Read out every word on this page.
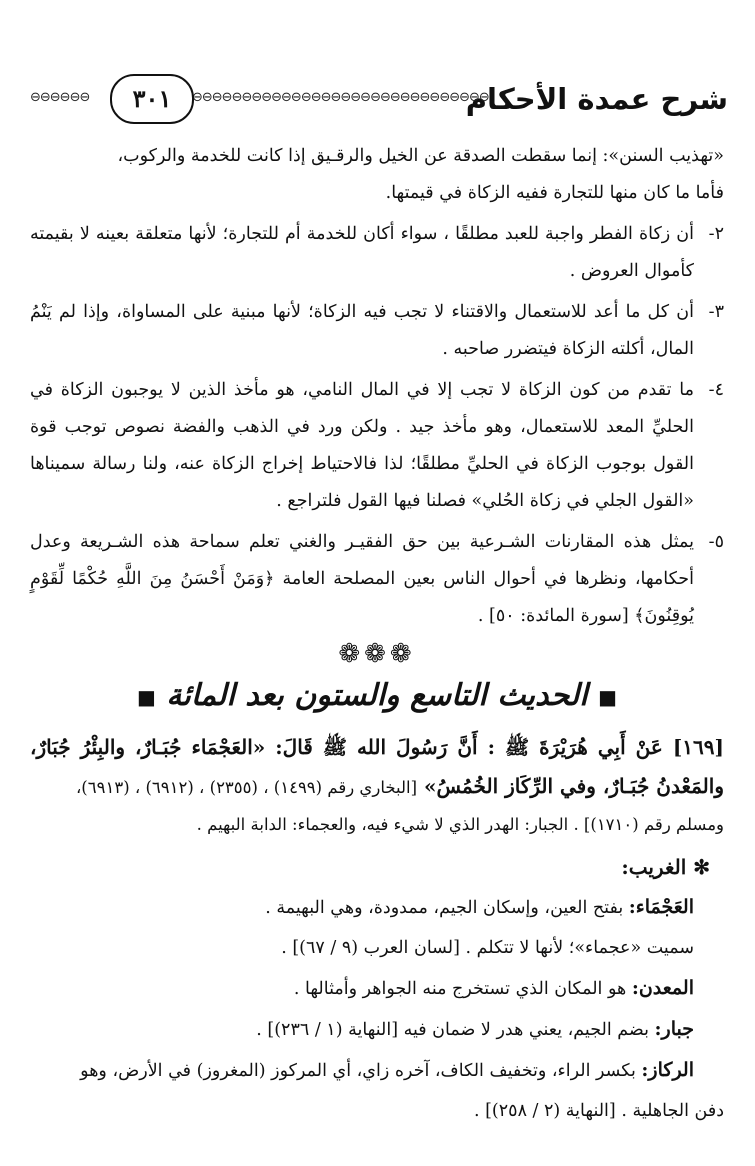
شرح عمدة الأحكام
⊖⊖⊖⊖⊖⊖⊖⊖⊖⊖⊖⊖⊖⊖⊖⊖⊖⊖⊖⊖⊖⊖⊖⊖⊖⊖⊖⊖⊖⊖
٣٠١
⊖⊖⊖⊖⊖⊖
«تهذيب السنن»: إنما سقطت الصدقة عن الخيل والرقـيق إذا كانت للخدمة والركوب،
فأما ما كان منها للتجارة ففيه الزكاة في قيمتها.
٢-
أن زكاة الفطر واجبة للعبد مطلقًا ، سواء أكان للخدمة أم للتجارة؛ لأنها متعلقة بعينه لا بقيمته كأموال العروض .
٣-
أن كل ما أعد للاستعمال والاقتناء لا تجب فيه الزكاة؛ لأنها مبنية على المساواة، وإذا لم يَنْمُ المال، أكلته الزكاة فيتضرر صاحبه .
٤-
ما تقدم من كون الزكاة لا تجب إلا في المال النامي، هو مأخذ الذين لا يوجبون الزكاة في الحليِّ المعد للاستعمال، وهو مأخذ جيد . ولكن ورد في الذهب والفضة نصوص توجب قوة القول بوجوب الزكاة في الحليِّ مطلقًا؛ لذا فالاحتياط إخراج الزكاة عنه، ولنا رسالة سميناها «القول الجلي في زكاة الحُلي» فصلنا فيها القول فلتراجع .
٥-
يمثل هذه المقارنات الشـرعية بين حق الفقيـر والغني تعلم سماحة هذه الشـريعة وعدل أحكامها، ونظرها في أحوال الناس بعين المصلحة العامة ﴿وَمَنْ أَحْسَنُ مِنَ اللَّهِ حُكْمًا لِّقَوْمٍ يُوقِنُونَ﴾ [سورة المائدة: ٥٠] .
❁❁❁
■ الحديث التاسع والستون بعد المائة ■
[١٦٩] عَنْ أَبِي هُرَيْرَةَ ﷺ : أَنَّ رَسُولَ الله ﷺ قَالَ: «العَجْمَاء جُبَـارٌ، والبِئْرُ جُبَارٌ، والمَعْدنُ جُبَـارٌ، وفي الرِّكَاز الخُمُسُ» [البخاري رقم (١٤٩٩) ، (٢٣٥٥) ، (٦٩١٢) ، (٦٩١٣)،
ومسلم رقم (١٧١٠)] . الجبار: الهدر الذي لا شيء فيه، والعجماء: الدابة البهيم .
✻ الغريب:
العَجْمَاء: بفتح العين، وإسكان الجيم، ممدودة، وهي البهيمة .
سميت «عجماء»؛ لأنها لا تتكلم . [لسان العرب (٩ / ٦٧)] .
المعدن: هو المكان الذي تستخرج منه الجواهر وأمثالها .
جبار: بضم الجيم، يعني هدر لا ضمان فيه [النهاية (١ / ٢٣٦)] .
الركاز: بكسر الراء، وتخفيف الكاف، آخره زاي، أي المركوز (المغروز) في الأرض، وهو
دفن الجاهلية . [النهاية (٢ / ٢٥٨)] .
